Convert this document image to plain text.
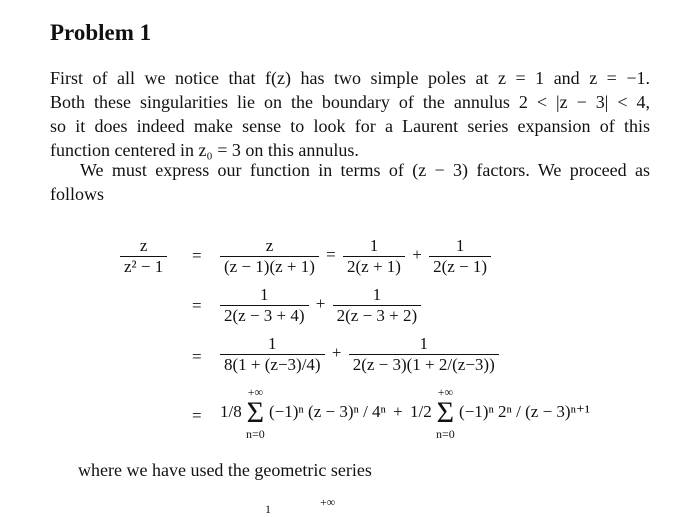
Problem 1
First of all we notice that f(z) has two simple poles at z = 1 and z = −1.
Both these singularities lie on the boundary of the annulus 2 < |z − 3| < 4,
so it does indeed make sense to look for a Laurent series expansion of this
function centered in z₀ = 3 on this annulus.
We must express our function in terms of (z − 3) factors. We proceed as
follows
$\frac{z}{\text{z² − 1}} = \frac{z}{(z - 1)(z + 1)} = \frac{1}{2(z + 1)} + \frac{1}{2(z - 1)}$
= $\frac{1}{2(z - 3 + 4)} + \frac{1}{2(z - 3 + 2)}$
= $\frac{1}{8(1 + (z-3)/4)} + \frac{1}{2(z - 3)(1 + 2/(z-3))}$
= 1/8
+∞
Σ
n=0
(−1)ⁿ (z − 3)ⁿ / 4ⁿ + 1/2
+∞
Σ
n=0
(−1)ⁿ 2ⁿ / (z − 3)ⁿ⁺¹
where we have used the geometric series
1	+∞
